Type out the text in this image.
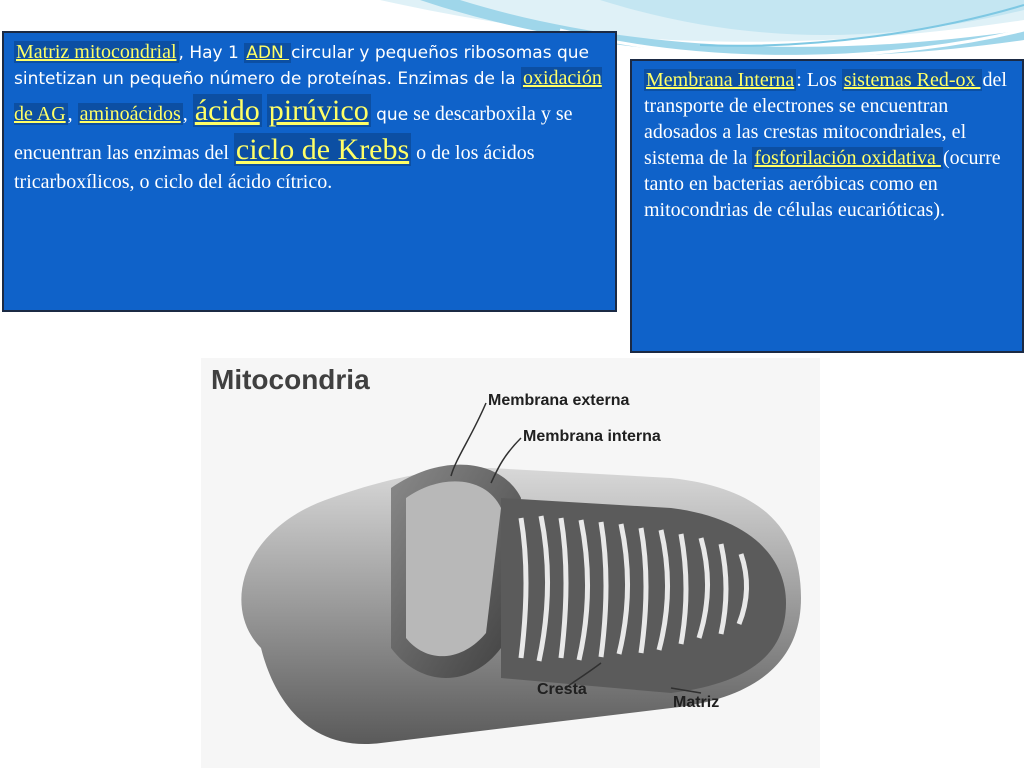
Matriz mitocondrial , Hay 1 ADN circular y pequeños ribosomas que sintetizan un pequeño número de proteínas. Enzimas de la oxidación de AG , aminoácidos , ácido pirúvico que se descarboxila y se encuentran las enzimas del ciclo de Krebs o de los ácidos tricarboxílicos, o ciclo del ácido cítrico.
Membrana Interna : Los sistemas Red-ox del transporte de electrones se encuentran adosados a las crestas mitocondriales, el sistema de la fosforilación oxidativa (ocurre tanto en bacterias aeróbicas como en mitocondrias de células eucarióticas).
Mitocondria
Membrana externa
Membrana interna
Cresta
Matriz
